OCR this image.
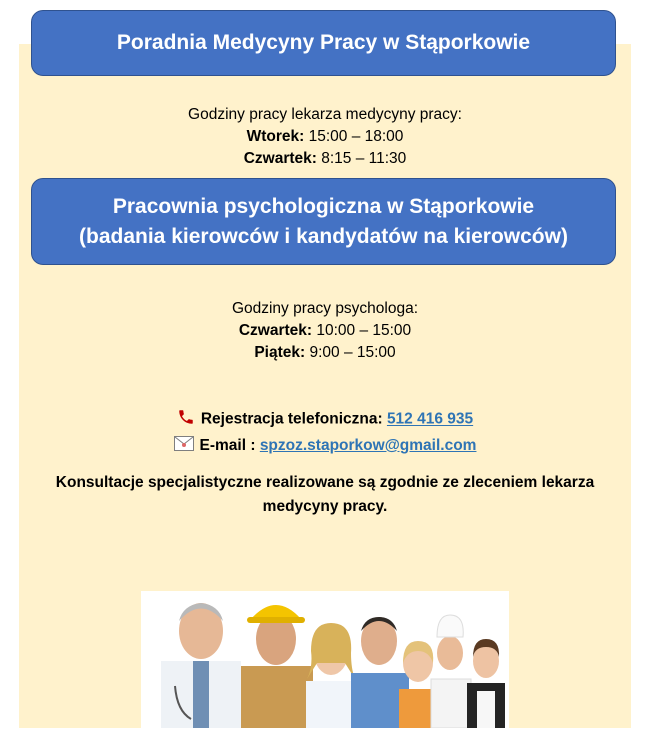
Poradnia Medycyny Pracy w Stąporkowie
Godziny pracy lekarza medycyny pracy:
Wtorek: 15:00 – 18:00
Czwartek: 8:15 – 11:30
Pracownia psychologiczna w Stąporkowie
(badania kierowców i kandydatów na kierowców)
Godziny pracy psychologa:
Czwartek: 10:00 – 15:00
Piątek: 9:00 – 15:00
Rejestracja telefoniczna: 512 416 935
E-mail : spzoz.staporkow@gmail.com
Konsultacje specjalistyczne realizowane są zgodnie ze zleceniem lekarza medycyny pracy.
